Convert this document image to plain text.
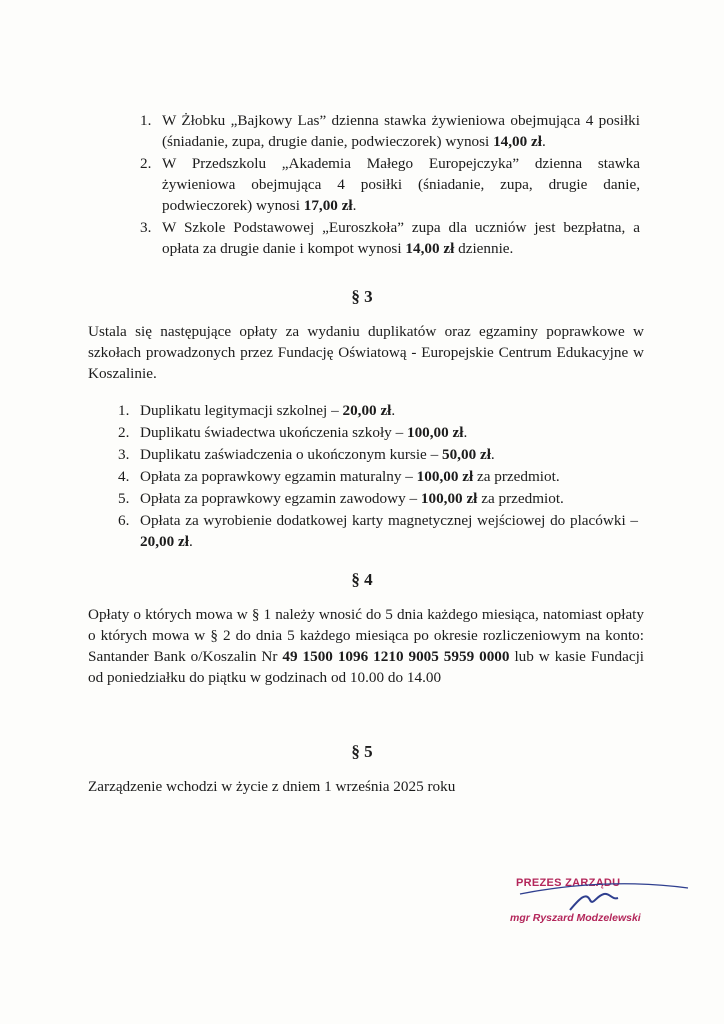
1. W Żłobku „Bajkowy Las” dzienna stawka żywieniowa obejmująca 4 posiłki (śniadanie, zupa, drugie danie, podwieczorek) wynosi 14,00 zł.
2. W Przedszkolu „Akademia Małego Europejczyka” dzienna stawka żywieniowa obejmująca 4 posiłki (śniadanie, zupa, drugie danie, podwieczorek) wynosi 17,00 zł.
3. W Szkole Podstawowej „Euroszkoła” zupa dla uczniów jest bezpłatna, a opłata za drugie danie i kompot wynosi 14,00 zł dziennie.
§ 3

Ustala się następujące opłaty za wydaniu duplikatów oraz egzaminy poprawkowe w szkołach prowadzonych przez Fundację Oświatową - Europejskie Centrum Edukacyjne w Koszalinie.

1. Duplikatu legitymacji szkolnej – 20,00 zł.
2. Duplikatu świadectwa ukończenia szkoły – 100,00 zł.
3. Duplikatu zaświadczenia o ukończonym kursie – 50,00 zł.
4. Opłata za poprawkowy egzamin maturalny – 100,00 zł za przedmiot.
5. Opłata za poprawkowy egzamin zawodowy – 100,00 zł za przedmiot.
6. Opłata za wyrobienie dodatkowej karty magnetycznej wejściowej do placówki – 20,00 zł.
§ 4

Opłaty o których mowa w § 1 należy wnosić do 5 dnia każdego miesiąca, natomiast opłaty o których mowa w § 2 do dnia 5 każdego miesiąca po okresie rozliczeniowym na konto: Santander Bank o/Koszalin Nr 49 1500 1096 1210 9005 5959 0000 lub w kasie Fundacji od poniedziałku do piątku w godzinach od 10.00 do 14.00

§ 5

Zarządzenie wchodzi w życie z dniem 1 września 2025 roku

PREZES ZARZĄDU
mgr Ryszard Modzelewski
